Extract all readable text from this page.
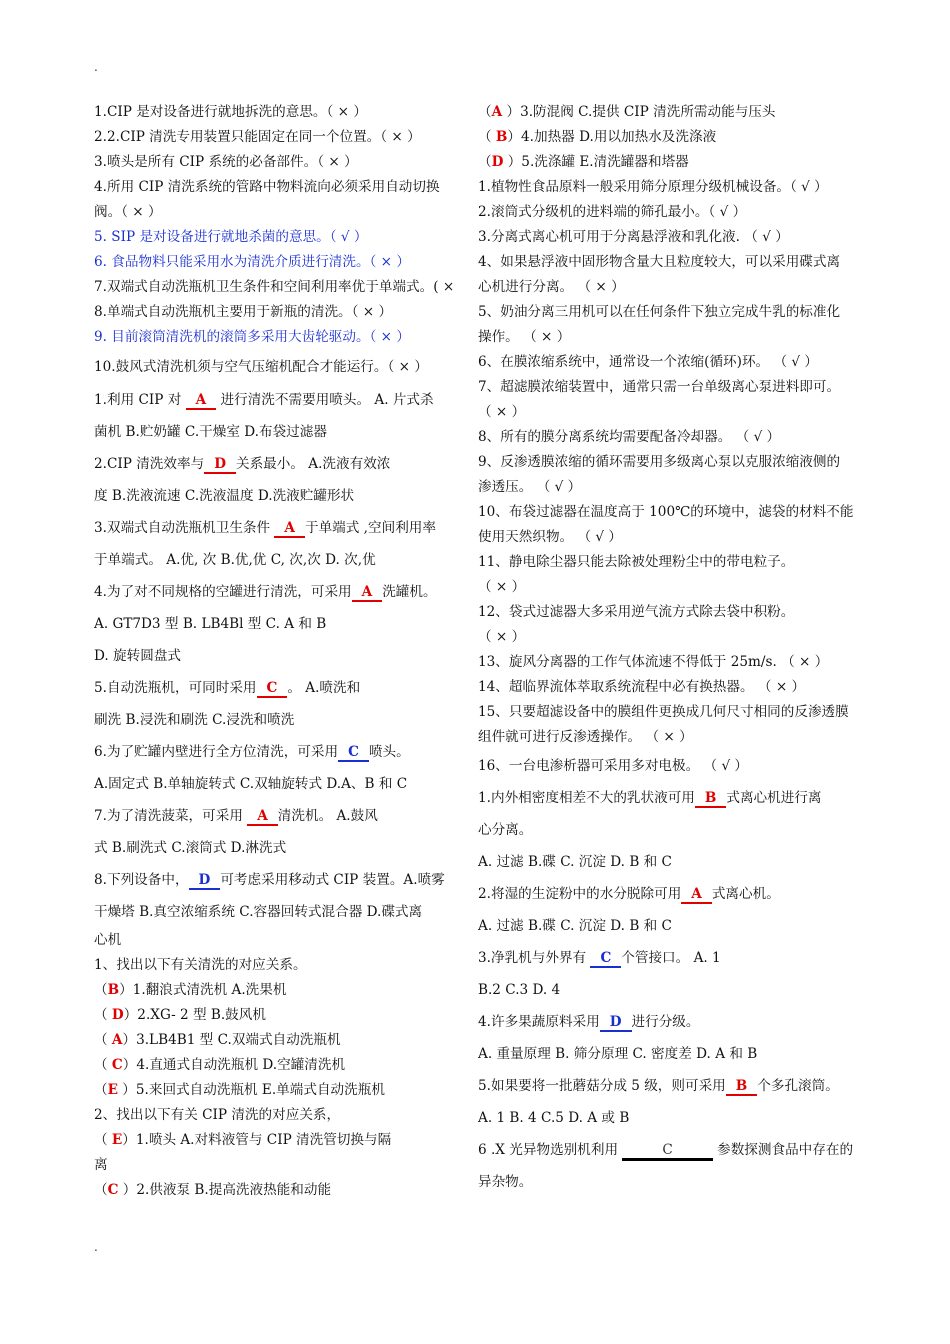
.
1.CIP 是对设备进行就地拆洗的意思。（ × ）
2.2.CIP 清洗专用装置只能固定在同一个位置。（ × ）
3.喷头是所有 CIP 系统的必备部件。（ × ）
4.所用 CIP 清洗系统的管路中物料流向必须采用自动切换
阀。（ × ）
5. SIP 是对设备进行就地杀菌的意思。（ √ ）
6. 食品物料只能采用水为清洗介质进行清洗。（ × ）
7.双端式自动洗瓶机卫生条件和空间利用率优于单端式。( ×
8.单端式自动洗瓶机主要用于新瓶的清洗。（ × ）
9. 目前滚筒清洗机的滚筒多采用大齿轮驱动。（ × ）
10.鼓风式清洗机须与空气压缩机配合才能运行。（ × ）
1.利用 CIP 对 A 进行清洗不需要用喷头。 A. 片式杀
菌机 B.贮奶罐 C.干燥室 D.布袋过滤器
2.CIP 清洗效率与 D 关系最小。 A.洗液有效浓
度 B.洗液流速 C.洗液温度 D.洗液贮罐形状
3.双端式自动洗瓶机卫生条件 A 于单端式 ,空间利用率
于单端式。 A.优, 次 B.优,优 C, 次,次 D. 次,优
4.为了对不同规格的空罐进行清洗，可采用 A 洗罐机。
A. GT7D3 型 B. LB4Bl 型 C. A 和 B
D. 旋转圆盘式
5.自动洗瓶机，可同时采用 C 。 A.喷洗和
刷洗 B.浸洗和刷洗 C.浸洗和喷洗
6.为了贮罐内壁进行全方位清洗，可采用 C 喷头。
A.固定式 B.单轴旋转式 C.双轴旋转式 D.A、B 和 C
7.为了清洗菠菜，可采用 A 清洗机。 A.鼓风
式 B.刷洗式 C.滚筒式 D.淋洗式
8.下列设备中， D 可考虑采用移动式 CIP 装置。A.喷雾
干燥塔 B.真空浓缩系统 C.容器回转式混合器 D.碟式离
心机
1、找出以下有关清洗的对应关系。
（B）1.翻浪式清洗机 A.洗果机
（ D）2.XG- 2 型 B.鼓风机
（ A）3.LB4B1 型 C.双端式自动洗瓶机
（ C）4.直通式自动洗瓶机 D.空罐清洗机
（E ）5.来回式自动洗瓶机 E.单端式自动洗瓶机
2、找出以下有关 CIP 清洗的对应关系，
（ E）1.喷头 A.对料液管与 CIP 清洗管切换与隔
离
（C ）2.供液泵 B.提高洗液热能和动能
（A ）3.防混阀 C.提供 CIP 清洗所需动能与压头
（ B）4.加热器 D.用以加热水及洗涤液
（D ）5.洗涤罐 E.清洗罐器和塔器
1.植物性食品原料一般采用筛分原理分级机械设备。（ √ ）
2.滚筒式分级机的进料端的筛孔最小。（ √ ）
3.分离式离心机可用于分离悬浮液和乳化液. （ √ ）
4、如果悬浮液中固形物含量大且粒度较大，可以采用碟式离
心机进行分离。 （ × ）
5、奶油分离三用机可以在任何条件下独立完成牛乳的标准化
操作。 （ × ）
6、在膜浓缩系统中，通常设一个浓缩(循环)环。 （ √ ）
7、超滤膜浓缩装置中，通常只需一台单级离心泵进料即可。
（ × ）
8、所有的膜分离系统均需要配备冷却器。 （ √ ）
9、反渗透膜浓缩的循环需要用多级离心泵以克服浓缩液侧的
渗透压。 （ √ ）
10、布袋过滤器在温度高于 100℃的环境中，滤袋的材料不能
使用天然织物。 （ √ ）
11、静电除尘器只能去除被处理粉尘中的带电粒子。
（ × ）
12、袋式过滤器大多采用逆气流方式除去袋中积粉。
（ × ）
13、旋风分离器的工作气体流速不得低于 25m/s. （ × ）
14、超临界流体萃取系统流程中必有换热器。 （ × ）
15、只要超滤设备中的膜组件更换成几何尺寸相同的反渗透膜
组件就可进行反渗透操作。 （ × ）
16、一台电渗析器可采用多对电极。 （ √ ）
1.内外相密度相差不大的乳状液可用 B 式离心机进行离
心分离。
A. 过滤 B.碟 C. 沉淀 D. B 和 C
2.将湿的生淀粉中的水分脱除可用 A 式离心机。
A. 过滤 B.碟 C. 沉淀 D. B 和 C
3.净乳机与外界有 C 个管接口。 A. 1
B.2 C.3 D. 4
4.许多果蔬原料采用 D 进行分级。
A. 重量原理 B. 筛分原理 C. 密度差 D. A 和 B
5.如果要将一批蘑菇分成 5 级，则可采用 B 个多孔滚筒。
A. 1 B. 4 C.5 D. A 或 B
6 .X 光异物选别机利用	C	参数探测食品中存在的
异杂物。
.
